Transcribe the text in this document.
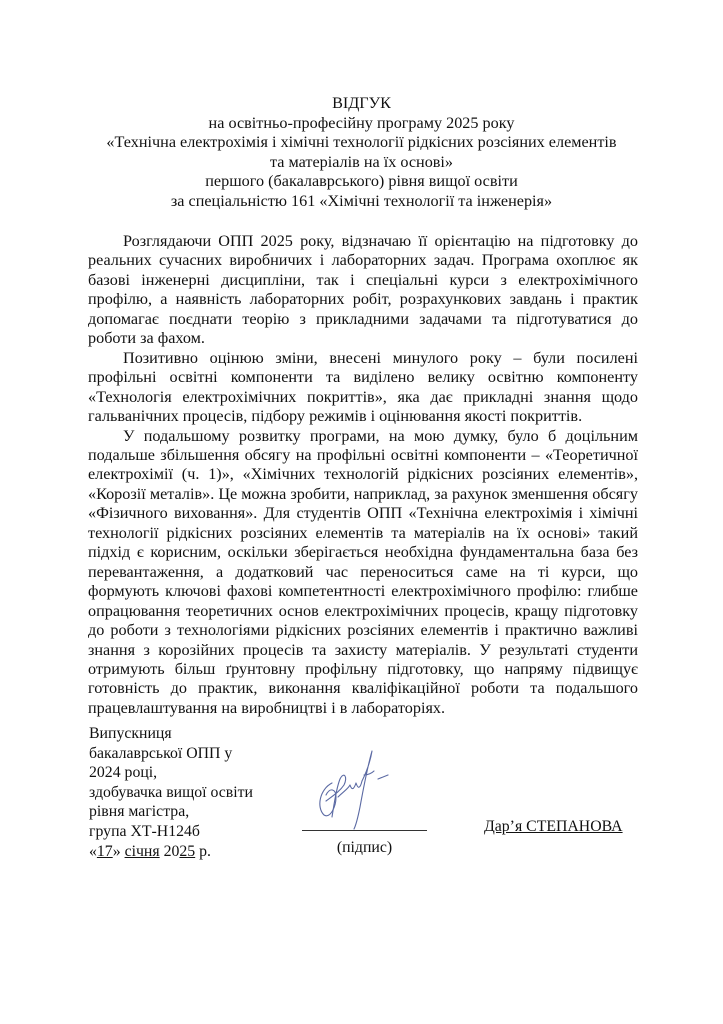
ВІДГУК
на освітньо-професійну програму 2025 року
«Технічна електрохімія і хімічні технології рідкісних розсіяних елементів
та матеріалів на їх основі»
першого (бакалаврського) рівня вищої освіти
за спеціальністю 161 «Хімічні технології та інженерія»

Розглядаючи ОПП 2025 року, відзначаю її орієнтацію на підготовку до реальних сучасних виробничих і лабораторних задач. Програма охоплює як базові інженерні дисципліни, так і спеціальні курси з електрохімічного профілю, а наявність лабораторних робіт, розрахункових завдань і практик допомагає поєднати теорію з прикладними задачами та підготуватися до роботи за фахом.

Позитивно оцінюю зміни, внесені минулого року – були посилені профільні освітні компоненти та виділено велику освітню компоненту «Технологія електрохімічних покриттів», яка дає прикладні знання щодо гальванічних процесів, підбору режимів і оцінювання якості покриттів.

У подальшому розвитку програми, на мою думку, було б доцільним подальше збільшення обсягу на профільні освітні компоненти – «Теоретичної електрохімії (ч. 1)», «Хімічних технологій рідкісних розсіяних елементів», «Корозії металів». Це можна зробити, наприклад, за рахунок зменшення обсягу «Фізичного виховання». Для студентів ОПП «Технічна електрохімія і хімічні технології рідкісних розсіяних елементів та матеріалів на їх основі» такий підхід є корисним, оскільки зберігається необхідна фундаментальна база без перевантаження, а додатковий час переноситься саме на ті курси, що формують ключові фахові компетентності електрохімічного профілю: глибше опрацювання теоретичних основ електрохімічних процесів, кращу підготовку до роботи з технологіями рідкісних розсіяних елементів і практично важливі знання з корозійних процесів та захисту матеріалів. У результаті студенти отримують більш ґрунтовну профільну підготовку, що напряму підвищує готовність до практик, виконання кваліфікаційної роботи та подальшого працевлаштування на виробництві і в лабораторіях.

Випускниця
бакалаврської ОПП у
2024 році,
здобувачка вищої освіти
рівня магістра,
група ХТ-Н124б
«17» січня 2025 р.	(підпис)
Дар’я СТЕПАНОВА
